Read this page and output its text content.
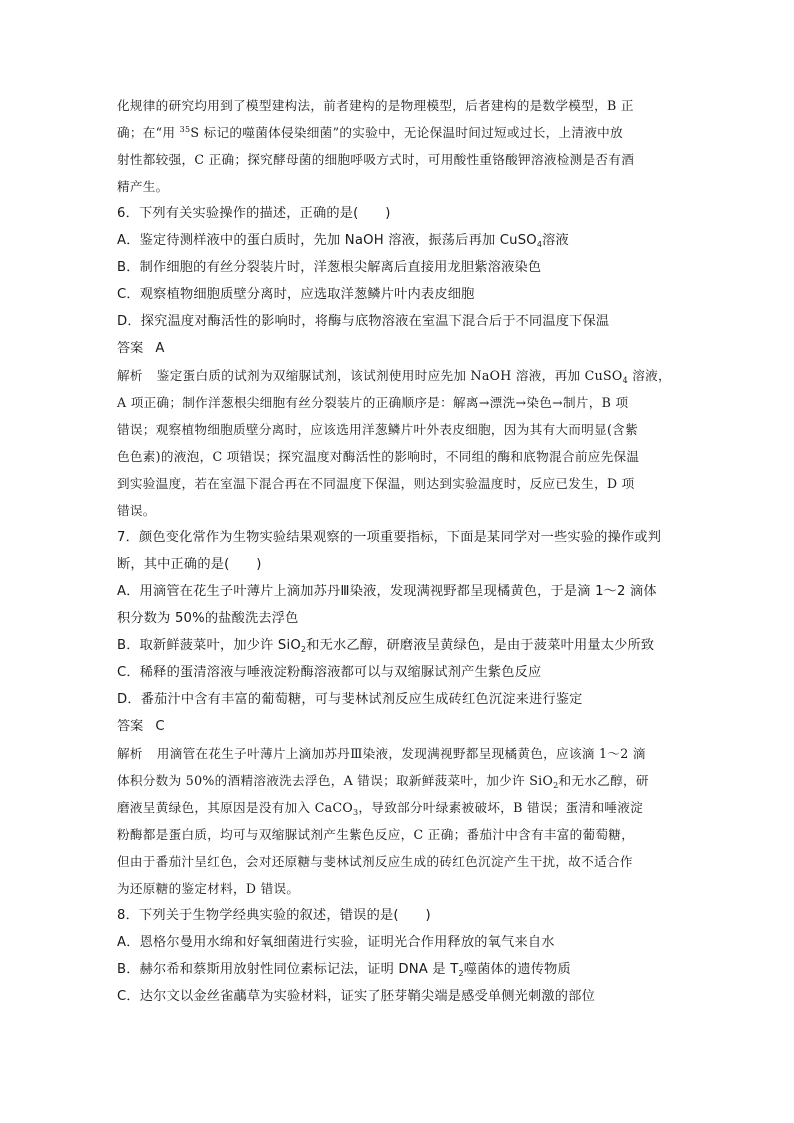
化规律的研究均用到了模型建构法，前者建构的是物理模型，后者建构的是数学模型，B 正

确；在“用 $^{35}$S 标记的噬菌体侵染细菌”的实验中，无论保温时间过短或过长，上清液中放

射性都较强，C 正确；探究酵母菌的细胞呼吸方式时，可用酸性重铬酸钾溶液检测是否有酒

精产生。

6．下列有关实验操作的描述，正确的是(　　)

A．鉴定待测样液中的蛋白质时，先加 NaOH 溶液，振荡后再加 CuSO$_4$溶液

B．制作细胞的有丝分裂装片时，洋葱根尖解离后直接用龙胆紫溶液染色

C．观察植物细胞质壁分离时，应选取洋葱鳞片叶内表皮细胞

D．探究温度对酶活性的影响时，将酶与底物溶液在室温下混合后于不同温度下保温

答案 A

解析 鉴定蛋白质的试剂为双缩脲试剂，该试剂使用时应先加 NaOH 溶液，再加 CuSO$_4$ 溶液，

A 项正确；制作洋葱根尖细胞有丝分裂装片的正确顺序是：解离→漂洗→染色→制片，B 项

错误；观察植物细胞质壁分离时，应该选用洋葱鳞片叶外表皮细胞，因为其有大而明显(含紫

色色素)的液泡，C 项错误；探究温度对酶活性的影响时，不同组的酶和底物混合前应先保温

到实验温度，若在室温下混合再在不同温度下保温，则达到实验温度时，反应已发生，D 项

错误。

7．颜色变化常作为生物实验结果观察的一项重要指标，下面是某同学对一些实验的操作或判

断，其中正确的是(　　)

A．用滴管在花生子叶薄片上滴加苏丹Ⅲ染液，发现满视野都呈现橘黄色，于是滴 1～2 滴体

积分数为 50%的盐酸洗去浮色

B．取新鲜菠菜叶，加少许 SiO$_2$和无水乙醇，研磨液呈黄绿色，是由于菠菜叶用量太少所致

C．稀释的蛋清溶液与唾液淀粉酶溶液都可以与双缩脲试剂产生紫色反应

D．番茄汁中含有丰富的葡萄糖，可与斐林试剂反应生成砖红色沉淀来进行鉴定

答案 C

解析 用滴管在花生子叶薄片上滴加苏丹Ⅲ染液，发现满视野都呈现橘黄色，应该滴 1～2 滴

体积分数为 50%的酒精溶液洗去浮色，A 错误；取新鲜菠菜叶，加少许 SiO$_2$和无水乙醇，研

磨液呈黄绿色，其原因是没有加入 CaCO$_3$，导致部分叶绿素被破坏，B 错误；蛋清和唾液淀

粉酶都是蛋白质，均可与双缩脲试剂产生紫色反应，C 正确；番茄汁中含有丰富的葡萄糖，

但由于番茄汁呈红色，会对还原糖与斐林试剂反应生成的砖红色沉淀产生干扰，故不适合作

为还原糖的鉴定材料，D 错误。

8．下列关于生物学经典实验的叙述，错误的是(　　)

A．恩格尔曼用水绵和好氧细菌进行实验，证明光合作用释放的氧气来自水

B．赫尔希和蔡斯用放射性同位素标记法，证明 DNA 是 $T_2$噬菌体的遗传物质

C．达尔文以金丝雀虉草为实验材料，证实了胚芽鞘尖端是感受单侧光刺激的部位
